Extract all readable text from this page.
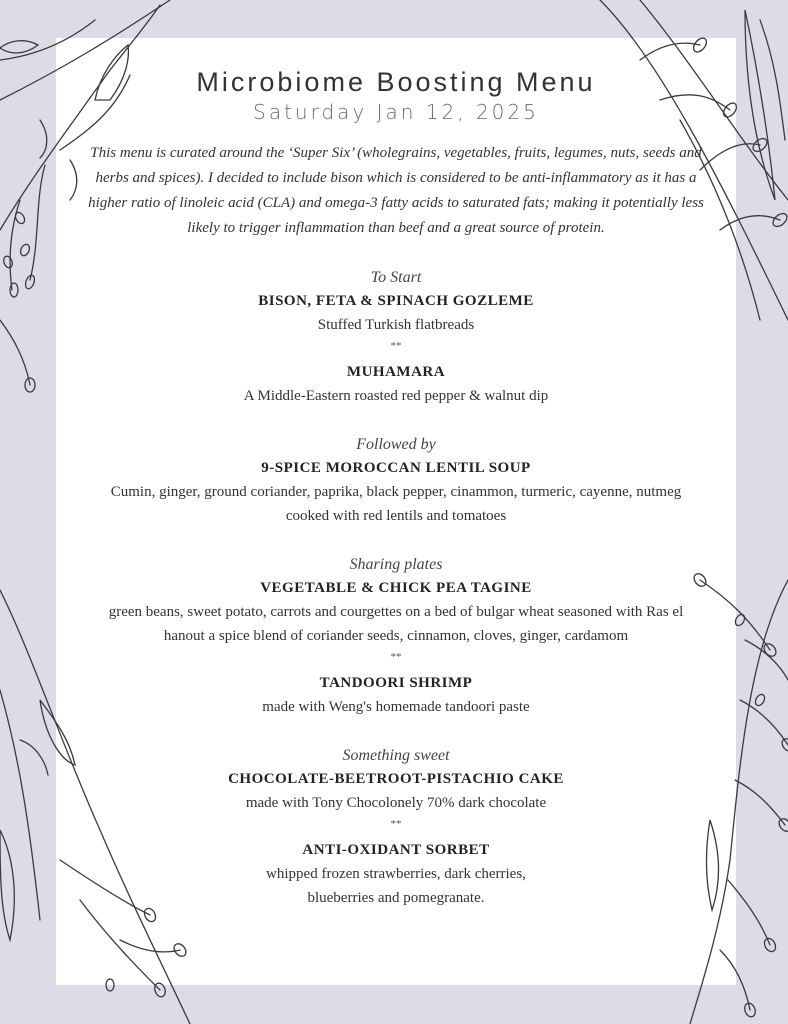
Microbiome Boosting Menu
Saturday Jan 12, 2025
This menu is curated around the ‘Super Six’ (wholegrains, vegetables, fruits, legumes, nuts, seeds and herbs and spices). I decided to include bison which is considered to be anti-inflammatory as it has a higher ratio of linoleic acid (CLA) and omega-3 fatty acids to saturated fats; making it potentially less likely to trigger inflammation than beef and a great source of protein.
To Start
BISON, FETA & SPINACH GOZLEME
Stuffed Turkish flatbreads
**
MUHAMARA
A Middle-Eastern roasted red pepper & walnut dip
Followed by
9-SPICE MOROCCAN LENTIL SOUP
Cumin, ginger, ground coriander, paprika, black pepper, cinammon, turmeric, cayenne, nutmeg cooked with red lentils and tomatoes
Sharing plates
VEGETABLE & CHICK PEA TAGINE
green beans, sweet potato, carrots and courgettes on a bed of bulgar wheat seasoned with Ras el hanout a spice blend of coriander seeds, cinnamon, cloves, ginger, cardamom
**
TANDOORI SHRIMP
made with Weng's homemade tandoori paste
Something sweet
CHOCOLATE-BEETROOT-PISTACHIO CAKE
made with Tony Chocolonely 70% dark chocolate
**
ANTI-OXIDANT SORBET
whipped frozen strawberries, dark cherries, blueberries and pomegranate.
